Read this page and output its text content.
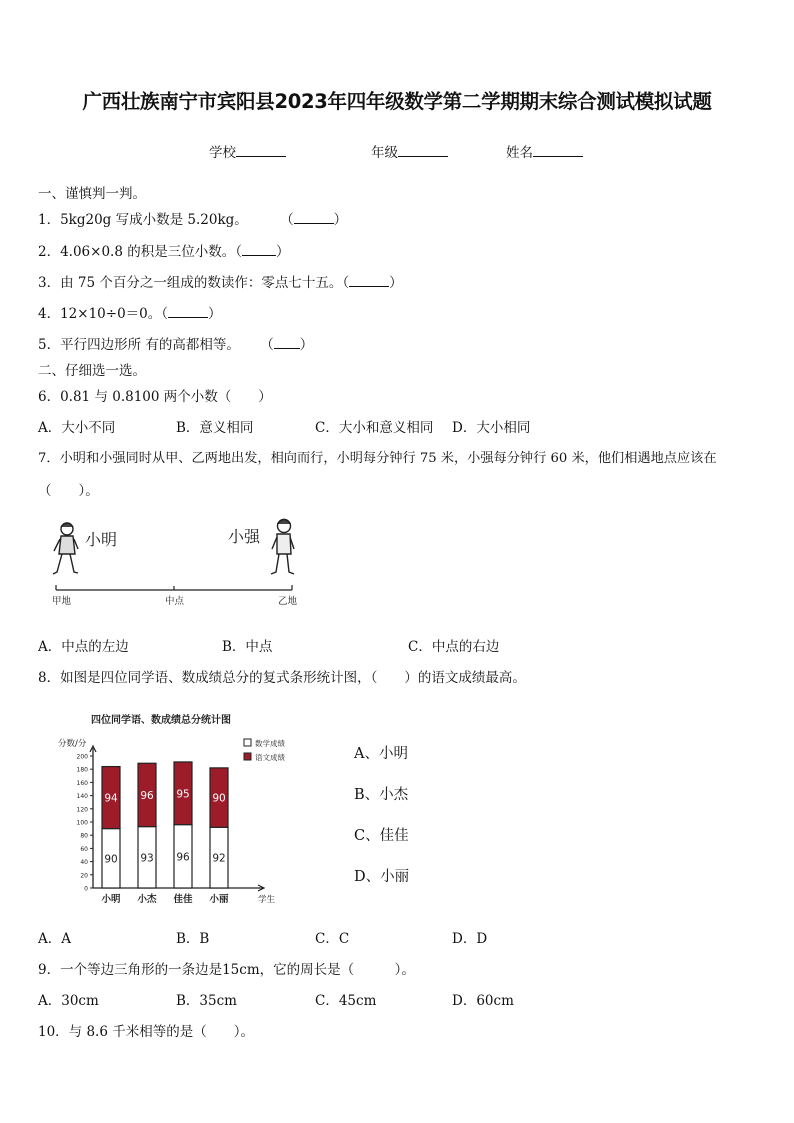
广西壮族南宁市宾阳县2023年四年级数学第二学期期末综合测试模拟试题
学校	年级	姓名
一、谨慎判一判。
1．5kg20g 写成小数是 5.20kg。 （	）
2．4.06×0.8 的积是三位小数。（	）
3．由 75 个百分之一组成的数读作：零点七十五。（	）
4．12×10÷0＝0。（	）
5．平行四边形所 有的高都相等。 （ ）
二、仔细选一选。
6．0.81 与 0.8100 两个小数（　　）
A．大小不同	B．意义相同	C．大小和意义相同 D．大小相同
7．小明和小强同时从甲、乙两地出发，相向而行，小明每分钟行 75 米，小强每分钟行 60 米，他们相遇地点应该在
（　　）。
小明	小强
甲地	中点	乙地
A．中点的左边	B．中点	C．中点的右边
8．如图是四位同学语、数成绩总分的复式条形统计图，（　　）的语文成绩最高。
四位同学语、数成绩总分统计图
分数/分
学生
0
20
40
60
80
100
120
140
160
180
200
90
94
小明
93
96
小杰
96
95
佳佳
92
90
小丽
数学成绩
语文成绩	A、小明
B、小杰
C、佳佳
D、小丽
A．A	B．B	C．C	D．D
9．一个等边三角形的一条边是15cm，它的周长是（　　　）。
A．30cm	B．35cm	C．45cm	D．60cm
10．与 8.6 千米相等的是（　　）。
